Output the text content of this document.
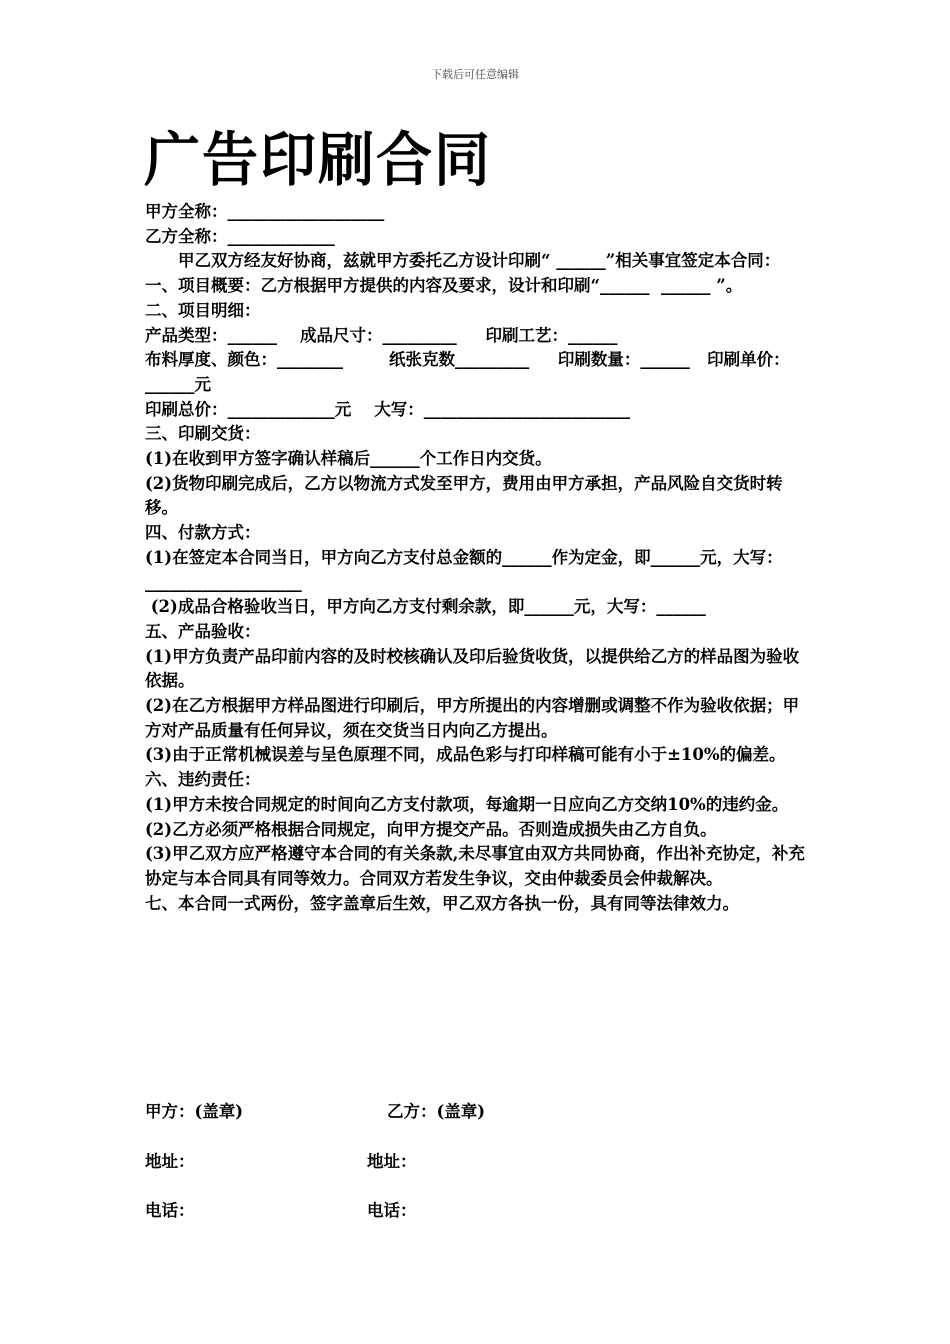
下载后可任意编辑
广告印刷合同
甲方全称：___________________
乙方全称：_____________
甲乙双方经友好协商，兹就甲方委托乙方设计印刷“ ______”相关事宜签定本合同：
一、项目概要：乙方根据甲方提供的内容及要求，设计和印刷“______  ______ ”。
二、项目明细：
产品类型：______    成品尺寸：_________     印刷工艺：______
布料厚度、颜色：________        纸张克数_________     印刷数量：______   印刷单价：______元
印刷总价：_____________元    大写：_________________________
三、印刷交货：
(1)在收到甲方签字确认样稿后______个工作日内交货。
(2)货物印刷完成后，乙方以物流方式发至甲方，费用由甲方承担，产品风险自交货时转移。
四、付款方式：
(1)在签定本合同当日，甲方向乙方支付总金额的______作为定金，即______元，大写：___________________
(2)成品合格验收当日，甲方向乙方支付剩余款，即______元，大写：______
五、产品验收：
(1)甲方负责产品印前内容的及时校核确认及印后验货收货，以提供给乙方的样品图为验收依据。
(2)在乙方根据甲方样品图进行印刷后，甲方所提出的内容增删或调整不作为验收依据；甲方对产品质量有任何异议，须在交货当日内向乙方提出。
(3)由于正常机械误差与呈色原理不同，成品色彩与打印样稿可能有小于±10%的偏差。
六、违约责任：
(1)甲方未按合同规定的时间向乙方支付款项，每逾期一日应向乙方交纳10%的违约金。
(2)乙方必须严格根据合同规定，向甲方提交产品。否则造成损失由乙方自负。
(3)甲乙双方应严格遵守本合同的有关条款,未尽事宜由双方共同协商，作出补充协定，补充协定与本合同具有同等效力。合同双方若发生争议，交由仲裁委员会仲裁解决。
七、本合同一式两份，签字盖章后生效，甲乙双方各执一份，具有同等法律效力。
甲方：(盖章)	乙方：(盖章)
地址：	地址：
电话：	电话：
